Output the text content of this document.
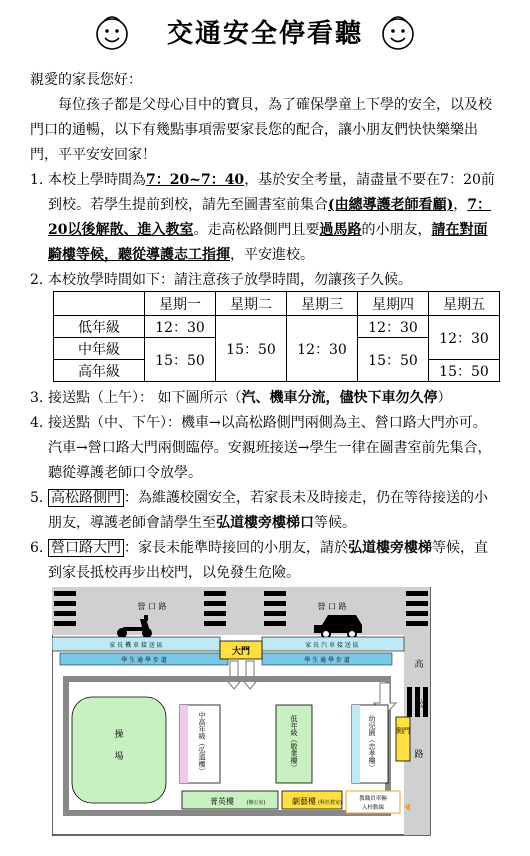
交通安全停看聽

親愛的家長您好：

每位孩子都是父母心目中的寶貝，為了確保學童上下學的安全，以及校門口的通暢，以下有幾點事項需要家長您的配合，讓小朋友們快快樂樂出門，平平安安回家！

1. 本校上學時間為7：20~7：40，基於安全考量，請盡量不要在7：20前到校。若學生提前到校，請先至圖書室前集合(由總導護老師看顧)，7：20以後解散、進入教室。走高松路側門且要過馬路的小朋友，請在對面騎樓等候，聽從導護志工指揮，平安進校。
2. 本校放學時間如下：請注意孩子放學時間，勿讓孩子久候。
	星期一	星期二	星期三	星期四	星期五
低年級	12：30	15：50	12：30	12：30	12：30
中年級	15：50			15：50	
高年級					15：50
3. 接送點（上午）： 如下圖所示（汽、機車分流，儘快下車勿久停）
4. 接送點（中、下午）：機車→以高松路側門兩側為主、營口路大門亦可。汽車→營口路大門兩側臨停。安親班接送→學生一律在圖書室前先集合，聽從導護老師口令放學。
5. 高松路側門 ：為維護校園安全，若家長未及時接走，仍在等待接送的小朋友，導護老師會請學生至弘道樓旁樓梯口等候。
6. 營口路大門 ：家長未能準時接回的小朋友，請於弘道樓旁樓梯等候，直到家長抵校再步出校門，以免發生危險。
營 口 路	營 口 路
家 長 機 車 接 送 區	家 長 汽 車 接 送 區
學 生 通 學 步 道	學 生 通 學 步 道
大門
側門
高
松
路
操
場	中高年級（弘道樓）	低年級（敬業樓）	幼兒園（忠孝樓）
菁英樓	(辦公室)	劇藝樓 (科任教室)
教職員車輛
入校動線
